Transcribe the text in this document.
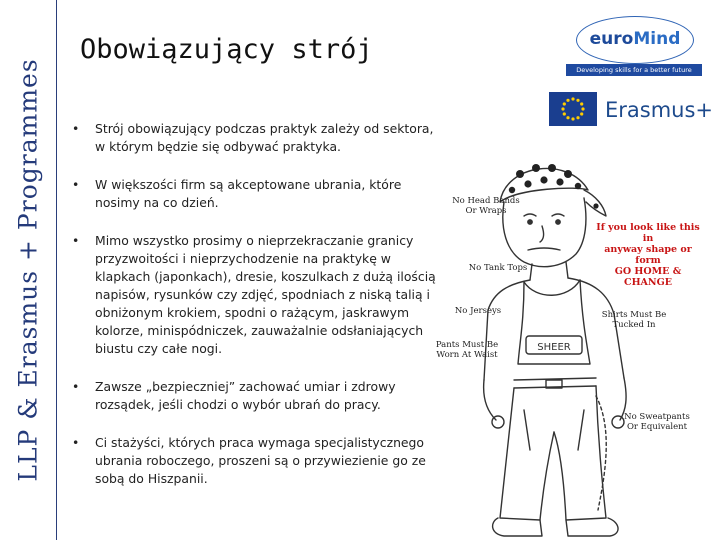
LLP & Erasmus + Programmes
Obowiązujący strój
• Strój obowiązujący podczas praktyk zależy od sektora, w którym będzie się odbywać praktyka.
• W większości firm są akceptowane ubrania, które nosimy na co dzień.
• Mimo wszystko prosimy o nieprzekraczanie granicy przyzwoitości i nieprzychodzenie na praktykę w klapkach (japonkach), dresie, koszulkach z dużą ilością napisów, rysunków czy zdjęć, spodniach z niską talią i obniżonym krokiem, spodni o rażącym, jaskrawym kolorze, minispódniczek, zauważalnie odsłaniających biustu czy całe nogi.
• Zawsze „bezpieczniej” zachować umiar i zdrowy rozsądek, jeśli chodzi o wybór ubrań do pracy.
• Ci stażyści, których praca wymaga specjalistycznego ubrania roboczego, proszeni są o przywiezienie go ze sobą do Hiszpanii.
euroMind
Developing skills for a better future
Erasmus+
SHEER
No Head Bands
Or Wraps
No Tank Tops
No Jerseys	Shirts Must Be
Tucked In
Pants Must Be
Worn At Waist
No Sweatpants
Or Equivalent
If you look like this in
anyway shape or form
GO HOME & CHANGE
